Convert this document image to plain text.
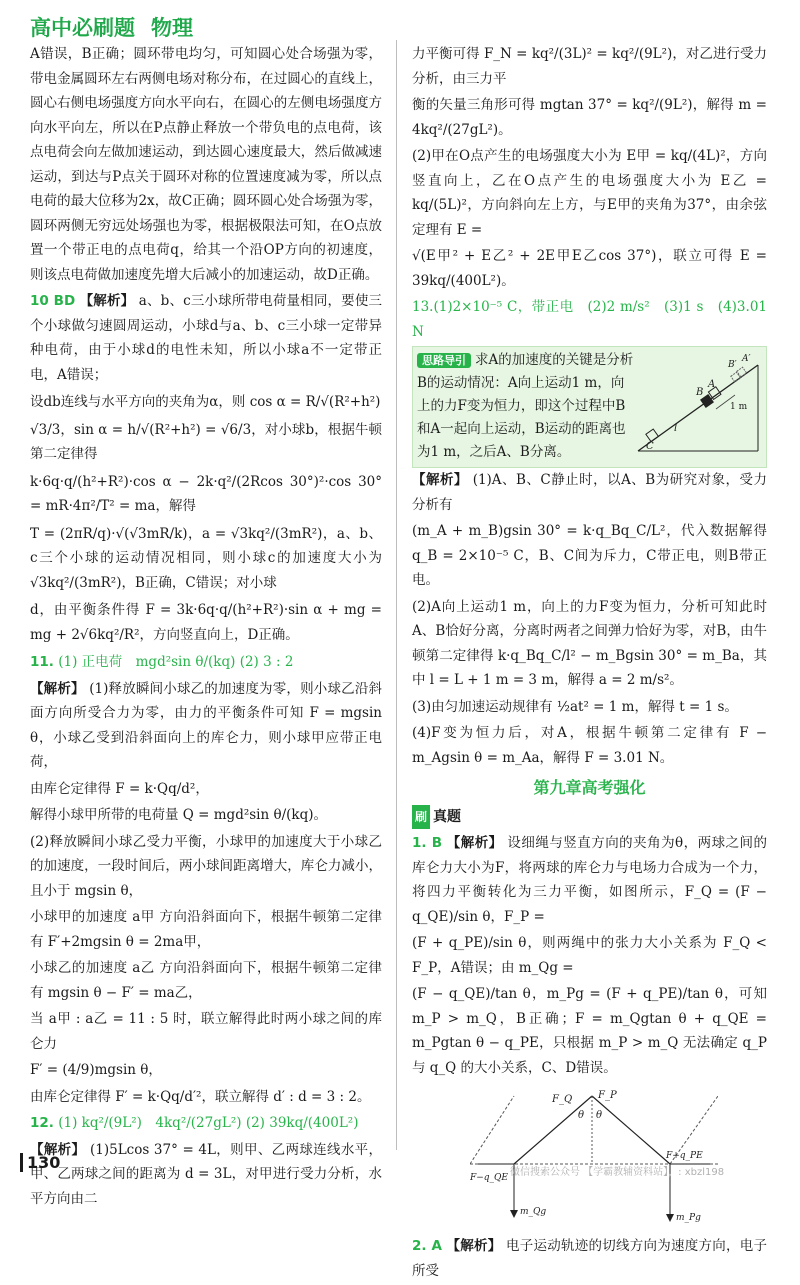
高中必刷题 物理

A错误，B正确；圆环带电均匀，可知圆心处合场强为零，带电金属圆环左右两侧电场对称分布，在过圆心的直线上，圆心右侧电场强度方向水平向右，在圆心的左侧电场强度方向水平向左，所以在P点静止释放一个带负电的点电荷，该点电荷会向左做加速运动，到达圆心速度最大，然后做减速运动，到达与P点关于圆环对称的位置速度减为零，所以点电荷的最大位移为2x，故C正确；圆环圆心处合场强为零，圆环两侧无穷远处场强也为零，根据极限法可知，在O点放置一个带正电的点电荷q，给其一个沿OP方向的初速度，则该点电荷做加速度先增大后减小的加速运动，故D正确。

10 BD 【解析】 a、b、c三小球所带电荷量相同，要使三个小球做匀速圆周运动，小球d与a、b、c三小球一定带异种电荷，由于小球d的电性未知，所以小球a不一定带正电，A错误；

设db连线与水平方向的夹角为α，则 cos α = R/√(R²+h²)

√3/3，sin α = h/√(R²+h²) = √6/3，对小球b，根据牛顿第二定律得

k·6q·q/(h²+R²)·cos α − 2k·q²/(2Rcos 30°)²·cos 30° = mR·4π²/T² = ma，解得

T = (2πR/q)·√(√3mR/k)，a = √3kq²/(3mR²)，a、b、c三个小球的运动情况相同，则小球c的加速度大小为√3kq²/(3mR²)，B正确，C错误；对小球

d，由平衡条件得 F = 3k·6q·q/(h²+R²)·sin α + mg = mg + 2√6kq²/R²，方向竖直向上，D正确。

11. (1) 正电荷　mgd²sin θ/(kq) (2) 3 : 2

【解析】 (1)释放瞬间小球乙的加速度为零，则小球乙沿斜面方向所受合力为零，由力的平衡条件可知 F = mgsin θ，小球乙受到沿斜面向上的库仑力，则小球甲应带正电荷，

由库仑定律得 F = k·Qq/d²，

解得小球甲所带的电荷量 Q = mgd²sin θ/(kq)。

(2)释放瞬间小球乙受力平衡，小球甲的加速度大于小球乙的加速度，一段时间后，两小球间距离增大，库仑力减小，且小于 mgsin θ，

小球甲的加速度 a甲 方向沿斜面向下，根据牛顿第二定律有 F′+2mgsin θ = 2ma甲，

小球乙的加速度 a乙 方向沿斜面向下，根据牛顿第二定律有 mgsin θ − F′ = ma乙，

当 a甲 : a乙 = 11 : 5 时，联立解得此时两小球之间的库仑力

F′ = (4/9)mgsin θ，

由库仑定律得 F′ = k·Qq/d′²，联立解得 d′ : d = 3 : 2。

12. (1) kq²/(9L²)　4kq²/(27gL²) (2) 39kq/(400L²)

【解析】 (1)5Lcos 37° = 4L，则甲、乙两球连线水平，甲、乙两球之间的距离为 d = 3L，对甲进行受力分析，水平方向由二

力平衡可得 F_N = kq²/(3L)² = kq²/(9L²)，对乙进行受力分析，由三力平

衡的矢量三角形可得 mgtan 37° = kq²/(9L²)，解得 m = 4kq²/(27gL²)。

(2)甲在O点产生的电场强度大小为 E甲 = kq/(4L)²，方向竖直向上，乙在O点产生的电场强度大小为 E乙 = kq/(5L)²，方向斜向左上方，与E甲的夹角为37°，由余弦定理有 E =

√(E甲² + E乙² + 2E甲E乙cos 37°)，联立可得 E = 39kq/(400L²)。

13.(1)2×10⁻⁵ C，带正电　(2)2 m/s²　(3)1 s　(4)3.01 N

思路导引 求A的加速度的关键是分析B的运动情况：A向上运动1 m，向上的力F变为恒力，即这个过程中B和A一起向上运动，B运动的距离也为1 m，之后A、B分离。	C
B
A
B′
A′
l
1 m

【解析】 (1)A、B、C静止时，以A、B为研究对象，受力分析有

(m_A + m_B)gsin 30° = k·q_Bq_C/L²，代入数据解得 q_B = 2×10⁻⁵ C，B、C间为斥力，C带正电，则B带正电。

(2)A向上运动1 m，向上的力F变为恒力，分析可知此时A、B恰好分离，分离时两者之间弹力恰好为零，对B，由牛顿第二定律得 k·q_Bq_C/l² − m_Bgsin 30° = m_Ba，其中 l = L + 1 m = 3 m，解得 a = 2 m/s²。

(3)由匀加速运动规律有 ½at² = 1 m，解得 t = 1 s。

(4)F变为恒力后，对A，根据牛顿第二定律有 F − m_Agsin θ = m_Aa，解得 F = 3.01 N。

第九章高考强化
刷 真题

1. B 【解析】 设细绳与竖直方向的夹角为θ，两球之间的库仑力大小为F，将两球的库仑力与电场力合成为一个力，将四力平衡转化为三力平衡，如图所示，F_Q = (F − q_QE)/sin θ，F_P =

(F + q_PE)/sin θ，则两绳中的张力大小关系为 F_Q < F_P，A错误；由 m_Qg =

(F − q_QE)/tan θ，m_Pg = (F + q_PE)/tan θ，可知 m_P > m_Q，B正确；F = m_Qgtan θ + q_QE = m_Pgtan θ − q_PE，只根据 m_P > m_Q 无法确定 q_P 与 q_Q 的大小关系，C、D错误。

F_Q	F_P
θ θ
F−q_QE
F+q_PE
m_Qg
m_Pg

2. A 【解析】 电子运动轨迹的切线方向为速度方向，电子所受

130
微信搜索公众号 【学霸教辅资料站】，: xbzl198
